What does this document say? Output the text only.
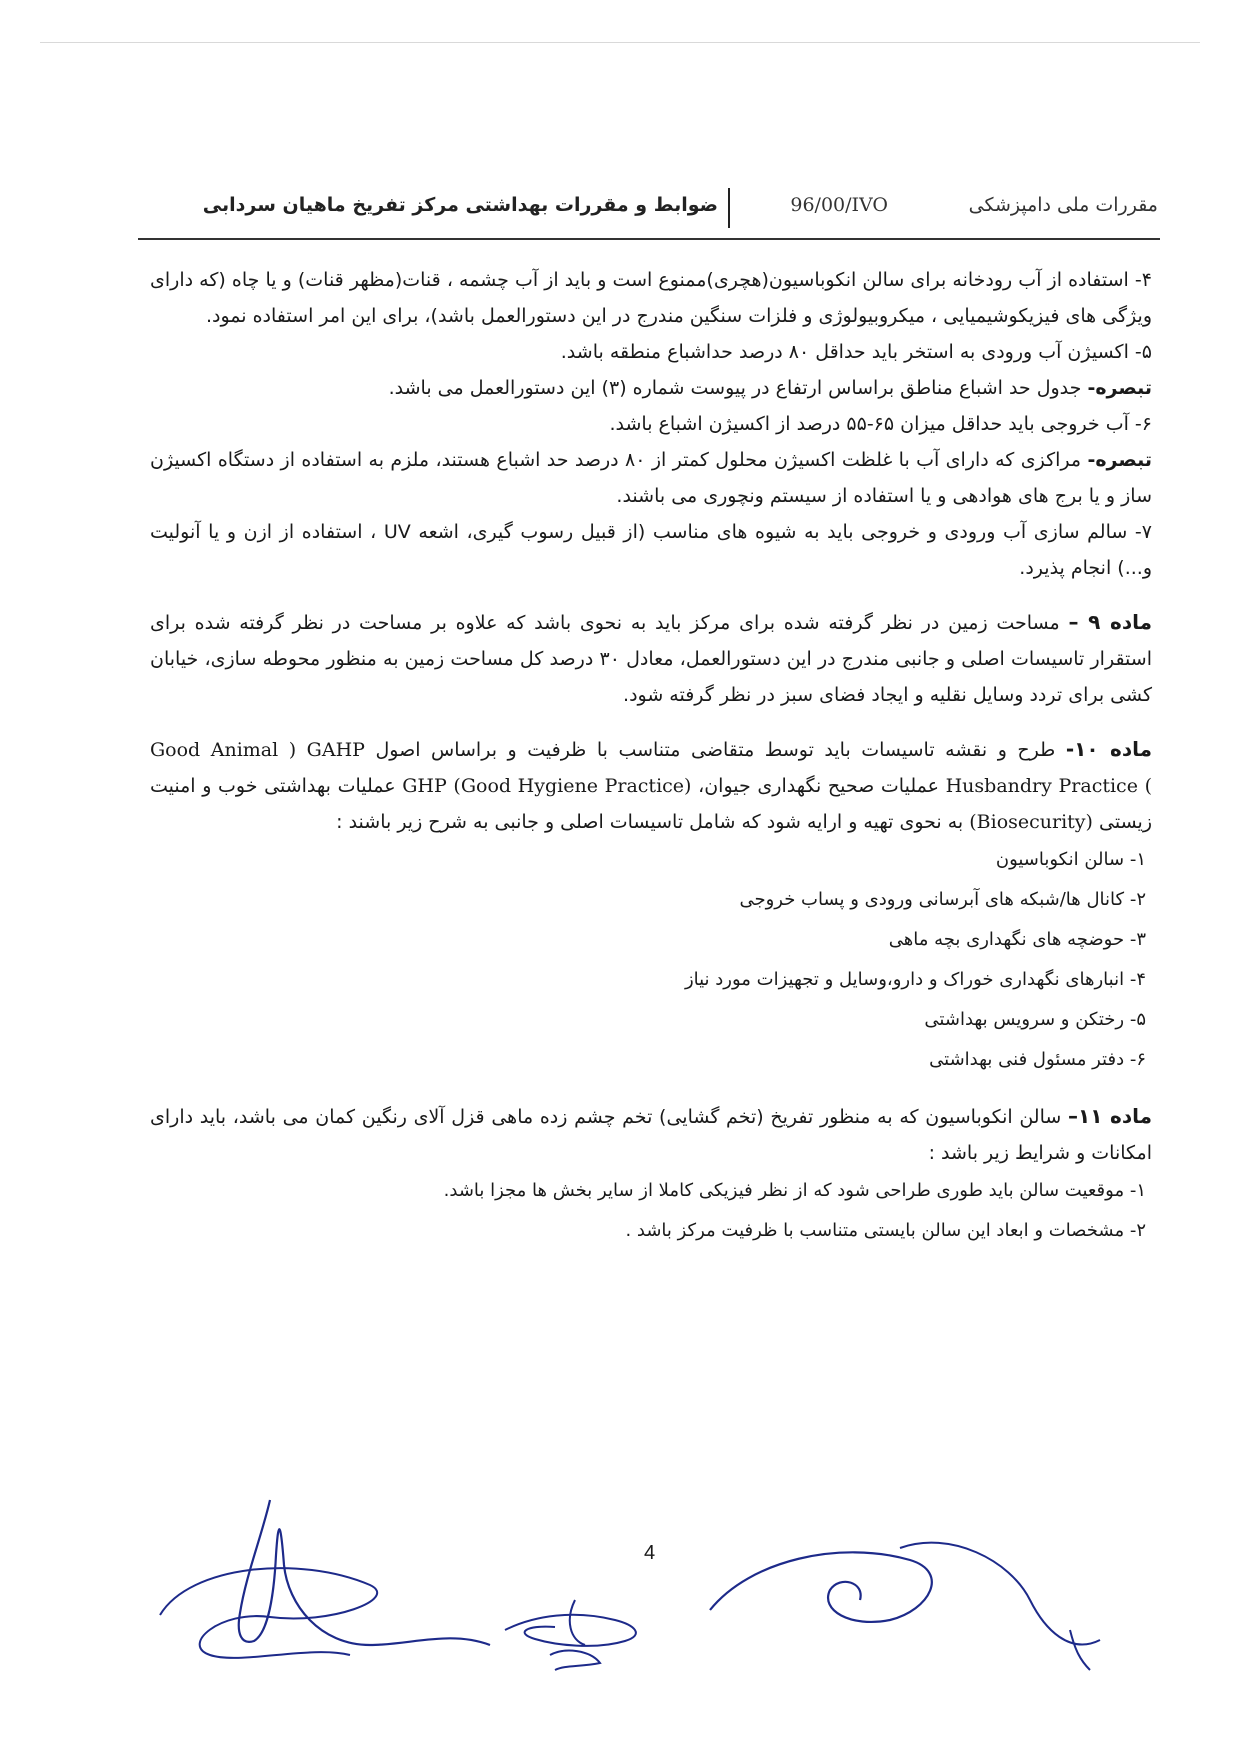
مقررات ملی دامپزشکی
96/00/IVO
ضوابط و مقررات بهداشتی مرکز تفریخ ماهیان سردابی

۴- استفاده از آب رودخانه برای سالن انکوباسیون(هچری)ممنوع است و باید از آب چشمه ، قنات(مظهر قنات) و یا چاه (که دارای ویژگی های فیزیکوشیمیایی ، میکروبیولوژی و فلزات سنگین مندرج در این دستورالعمل باشد)، برای این امر استفاده نمود.

۵- اکسیژن آب ورودی به استخر باید حداقل ۸۰ درصد حداشباع منطقه باشد.

تبصره- جدول حد اشباع مناطق براساس ارتفاع در پیوست شماره (۳) این دستورالعمل می باشد.

۶- آب خروجی باید حداقل میزان ۶۵-۵۵ درصد از اکسیژن اشباع باشد.

تبصره- مراکزی که دارای آب با غلظت اکسیژن محلول کمتر از ۸۰ درصد حد اشباع هستند، ملزم به استفاده از دستگاه اکسیژن ساز و یا برج های هوادهی و یا استفاده از سیستم ونچوری می باشند.

۷- سالم سازی آب ورودی و خروجی باید به شیوه های مناسب (از قبیل رسوب گیری، اشعه UV ، استفاده از ازن و یا آنولیت و...) انجام پذیرد.

ماده ۹ – مساحت زمین در نظر گرفته شده برای مرکز باید به نحوی باشد که علاوه بر مساحت در نظر گرفته شده برای استقرار تاسیسات اصلی و جانبی مندرج در این دستورالعمل، معادل ۳۰ درصد کل مساحت زمین به منظور محوطه سازی، خیابان کشی برای تردد وسایل نقلیه و ایجاد فضای سبز در نظر گرفته شود.

ماده ۱۰- طرح و نقشه تاسیسات باید توسط متقاضی متناسب با ظرفیت و براساس اصول Good Animal ) GAHP Husbandry Practice ( عملیات صحیح نگهداری جیوان، GHP (Good Hygiene Practice) عملیات بهداشتی خوب و امنیت زیستی (Biosecurity) به نحوی تهیه و ارایه شود که شامل تاسیسات اصلی و جانبی به شرح زیر باشند :

۱- سالن انکوباسیون

۲- کانال ها/شبکه های آبرسانی ورودی و پساب خروجی

۳- حوضچه های نگهداری بچه ماهی

۴- انبارهای نگهداری خوراک و دارو،وسایل و تجهیزات مورد نیاز

۵- رختکن و سرویس بهداشتی

۶- دفتر مسئول فنی بهداشتی

ماده ۱۱– سالن انکوباسیون که به منظور تفریخ (تخم گشایی) تخم چشم زده ماهی قزل آلای رنگین کمان می باشد، باید دارای امکانات و شرایط زیر باشد :

۱- موقعیت سالن باید طوری طراحی شود که از نظر فیزیکی کاملا از سایر بخش ها مجزا باشد.

۲- مشخصات و ابعاد این سالن بایستی متناسب با ظرفیت مرکز باشد .

4
